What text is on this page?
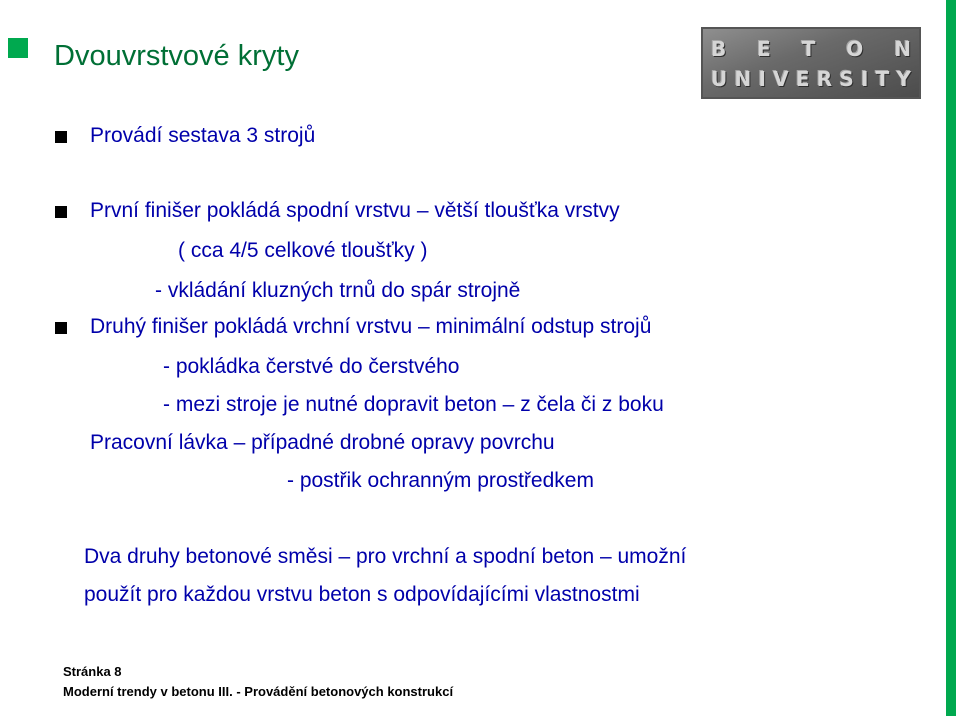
Dvouvrstvové kryty	B E T O N
U N I V E R S I T Y
Provádí sestava 3 strojů
První finišer pokládá spodní vrstvu – větší tloušťka vrstvy
( cca 4/5 celkové tloušťky )
- vkládání kluzných trnů do spár strojně
Druhý finišer pokládá vrchní vrstvu – minimální odstup strojů
- pokládka čerstvé do čerstvého
- mezi stroje je nutné dopravit beton – z čela či z boku
Pracovní lávka – případné drobné opravy povrchu
- postřik ochranným prostředkem
Dva druhy betonové směsi – pro vrchní a spodní beton – umožní
použít pro každou vrstvu beton s odpovídajícími vlastnostmi
Stránka 8
Moderní trendy v betonu III. - Provádění betonových konstrukcí
